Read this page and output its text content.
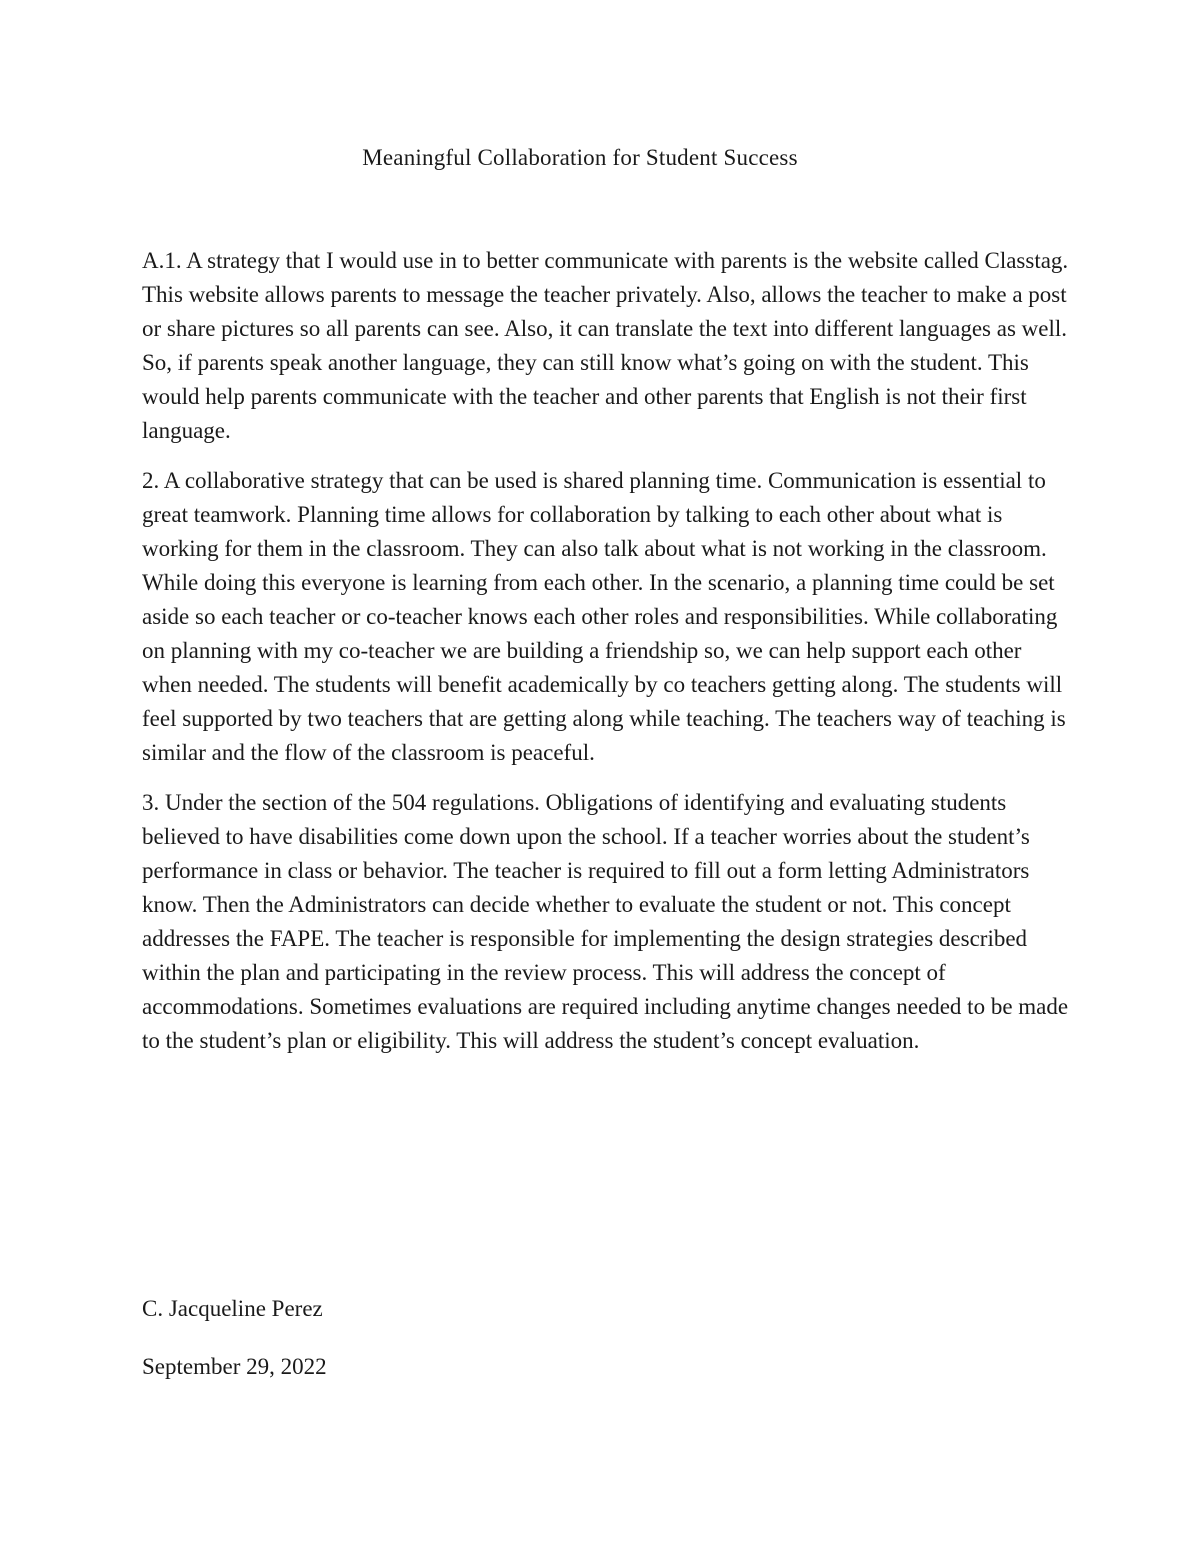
Meaningful Collaboration for Student Success

A.1. A strategy that I would use in to better communicate with parents is the website called Classtag. This website allows parents to message the teacher privately. Also, allows the teacher to make a post or share pictures so all parents can see. Also, it can translate the text into different languages as well. So, if parents speak another language, they can still know what’s going on with the student. This would help parents communicate with the teacher and other parents that English is not their first language.

2. A collaborative strategy that can be used is shared planning time. Communication is essential to great teamwork. Planning time allows for collaboration by talking to each other about what is working for them in the classroom. They can also talk about what is not working in the classroom. While doing this everyone is learning from each other. In the scenario, a planning time could be set aside so each teacher or co-teacher knows each other roles and responsibilities. While collaborating on planning with my co-teacher we are building a friendship so, we can help support each other when needed. The students will benefit academically by co teachers getting along. The students will feel supported by two teachers that are getting along while teaching. The teachers way of teaching is similar and the flow of the classroom is peaceful.

3. Under the section of the 504 regulations. Obligations of identifying and evaluating students believed to have disabilities come down upon the school. If a teacher worries about the student’s performance in class or behavior. The teacher is required to fill out a form letting Administrators know. Then the Administrators can decide whether to evaluate the student or not. This concept addresses the FAPE. The teacher is responsible for implementing the design strategies described within the plan and participating in the review process. This will address the concept of accommodations. Sometimes evaluations are required including anytime changes needed to be made to the student’s plan or eligibility. This will address the student’s concept evaluation.

C. Jacqueline Perez

September 29, 2022
